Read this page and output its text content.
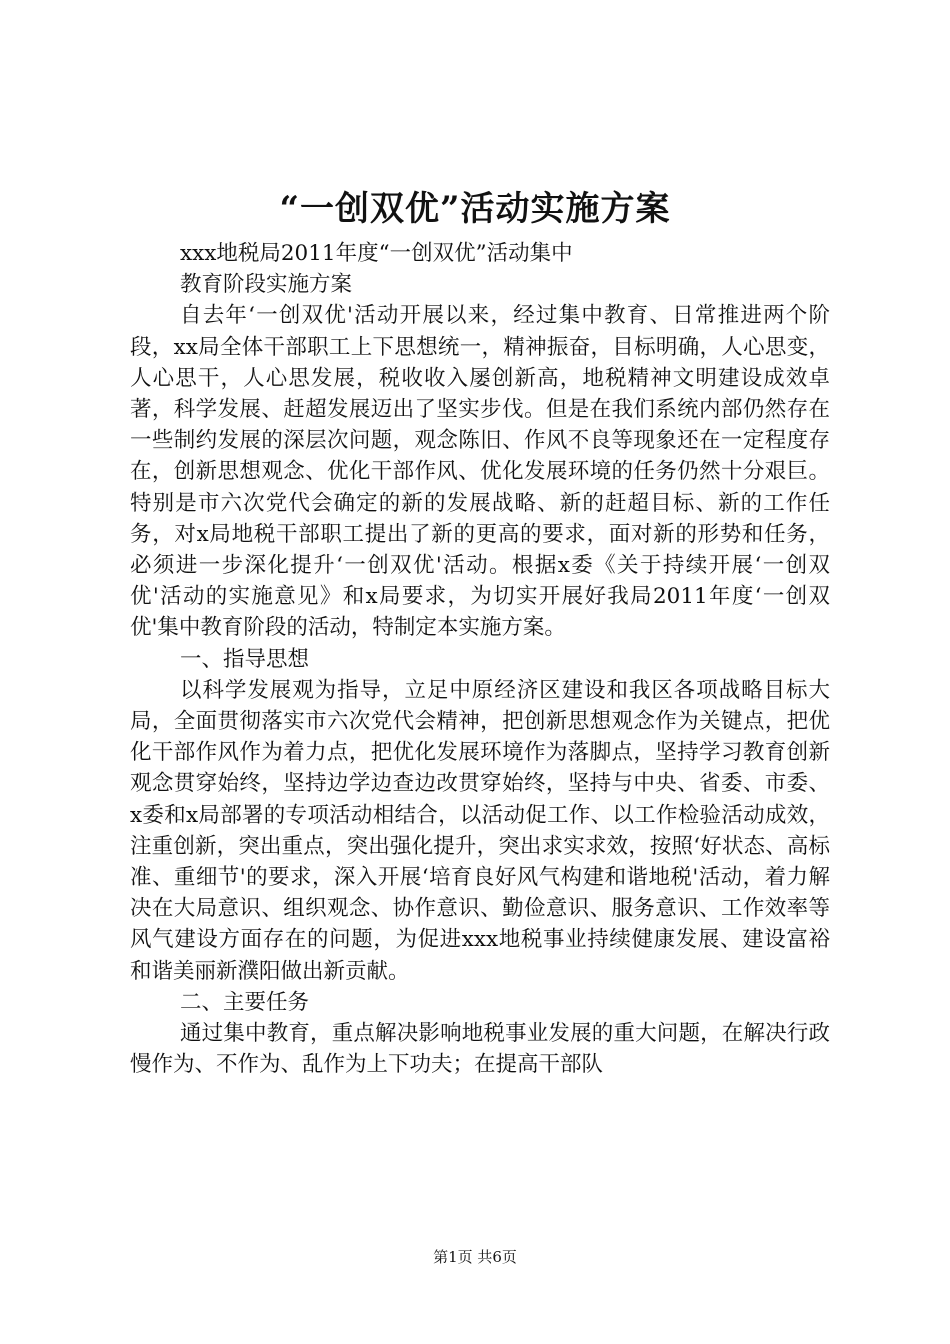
“一创双优”活动实施方案

xxx地税局2011年度“一创双优”活动集中

教育阶段实施方案

自去年‘一创双优'活动开展以来，经过集中教育、日常推进两个阶段，xx局全体干部职工上下思想统一，精神振奋，目标明确，人心思变，人心思干，人心思发展，税收收入屡创新高，地税精神文明建设成效卓著，科学发展、赶超发展迈出了坚实步伐。但是在我们系统内部仍然存在一些制约发展的深层次问题，观念陈旧、作风不良等现象还在一定程度存在，创新思想观念、优化干部作风、优化发展环境的任务仍然十分艰巨。特别是市六次党代会确定的新的发展战略、新的赶超目标、新的工作任务，对x局地税干部职工提出了新的更高的要求，面对新的形势和任务，必须进一步深化提升‘一创双优'活动。根据x委《关于持续开展‘一创双优'活动的实施意见》和x局要求，为切实开展好我局2011年度‘一创双优'集中教育阶段的活动，特制定本实施方案。

一、指导思想

以科学发展观为指导，立足中原经济区建设和我区各项战略目标大局，全面贯彻落实市六次党代会精神，把创新思想观念作为关键点，把优化干部作风作为着力点，把优化发展环境作为落脚点，坚持学习教育创新观念贯穿始终，坚持边学边查边改贯穿始终，坚持与中央、省委、市委、x委和x局部署的专项活动相结合，以活动促工作、以工作检验活动成效，注重创新，突出重点，突出强化提升，突出求实求效，按照‘好状态、高标准、重细节'的要求，深入开展‘培育良好风气构建和谐地税'活动，着力解决在大局意识、组织观念、协作意识、勤俭意识、服务意识、工作效率等风气建设方面存在的问题，为促进xxx地税事业持续健康发展、建设富裕和谐美丽新濮阳做出新贡献。

二、主要任务

通过集中教育，重点解决影响地税事业发展的重大问题，在解决行政慢作为、不作为、乱作为上下功夫；在提高干部队

第1页 共6页
